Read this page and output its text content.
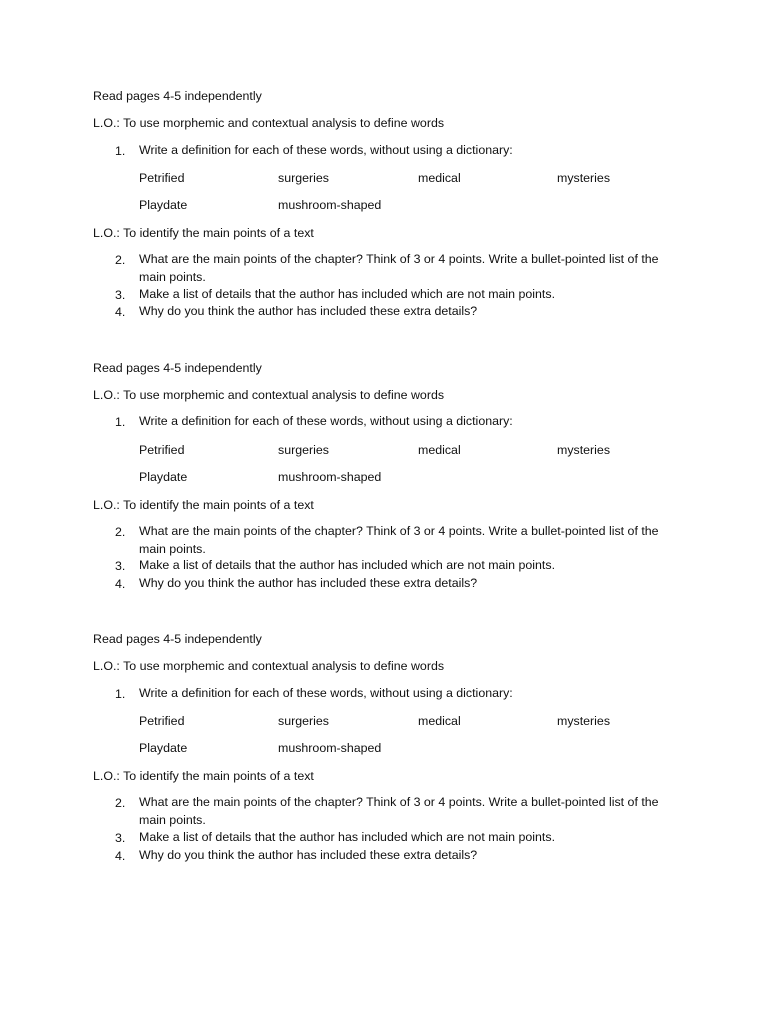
Read pages 4-5 independently
L.O.: To use morphemic and contextual analysis to define words
1. Write a definition for each of these words, without using a dictionary:
Petrified	surgeries	medical	mysteries
Playdate	mushroom-shaped
L.O.: To identify the main points of a text
2. What are the main points of the chapter? Think of 3 or 4 points. Write a bullet-pointed list of the main points.
3. Make a list of details that the author has included which are not main points.
4. Why do you think the author has included these extra details?
Read pages 4-5 independently
L.O.: To use morphemic and contextual analysis to define words
1. Write a definition for each of these words, without using a dictionary:
Petrified	surgeries	medical	mysteries
Playdate	mushroom-shaped
L.O.: To identify the main points of a text
2. What are the main points of the chapter? Think of 3 or 4 points. Write a bullet-pointed list of the main points.
3. Make a list of details that the author has included which are not main points.
4. Why do you think the author has included these extra details?
Read pages 4-5 independently
L.O.: To use morphemic and contextual analysis to define words
1. Write a definition for each of these words, without using a dictionary:
Petrified	surgeries	medical	mysteries
Playdate	mushroom-shaped
L.O.: To identify the main points of a text
2. What are the main points of the chapter? Think of 3 or 4 points. Write a bullet-pointed list of the main points.
3. Make a list of details that the author has included which are not main points.
4. Why do you think the author has included these extra details?
